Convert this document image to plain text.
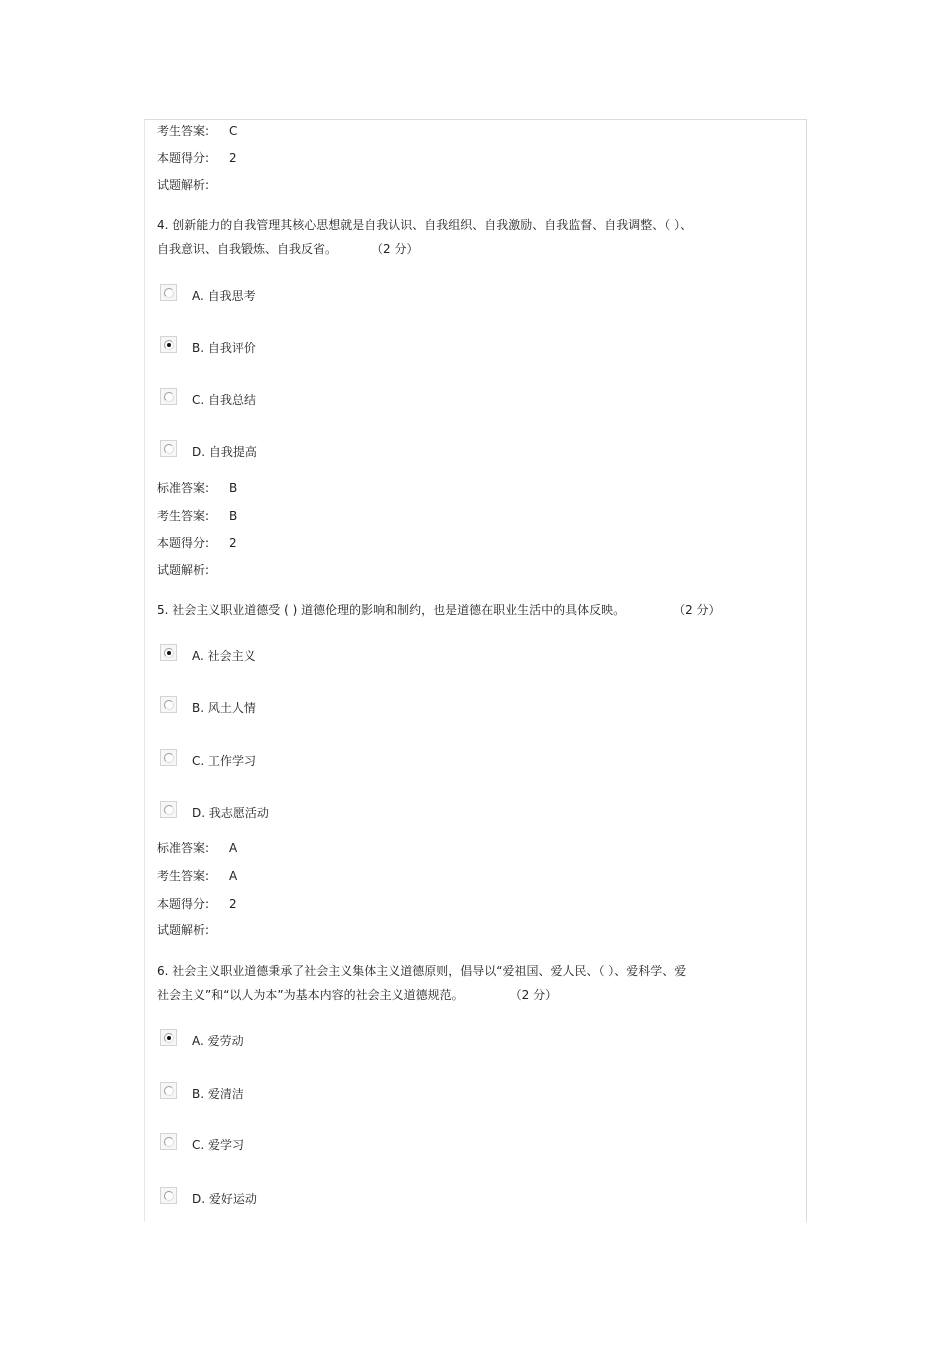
考生答案: C
本题得分: 2
试题解析:
4. 创新能力的自我管理其核心思想就是自我认识、自我组织、自我激励、自我监督、自我调整、（ ）、
自我意识、自我锻炼、自我反省。	（2 分）
A. 自我思考
B. 自我评价
C. 自我总结
D. 自我提高
标准答案: B
考生答案: B
本题得分: 2
试题解析:
5. 社会主义职业道德受 ( ) 道德伦理的影响和制约，也是道德在职业生活中的具体反映。	（2 分）
A. 社会主义
B. 风土人情
C. 工作学习
D. 我志愿活动
标准答案: A
考生答案: A
本题得分: 2
试题解析:
6. 社会主义职业道德秉承了社会主义集体主义道德原则，倡导以“爱祖国、爱人民、（ ）、爱科学、爱
社会主义”和“以人为本”为基本内容的社会主义道德规范。	（2 分）
A. 爱劳动
B. 爱清洁
C. 爱学习
D. 爱好运动
